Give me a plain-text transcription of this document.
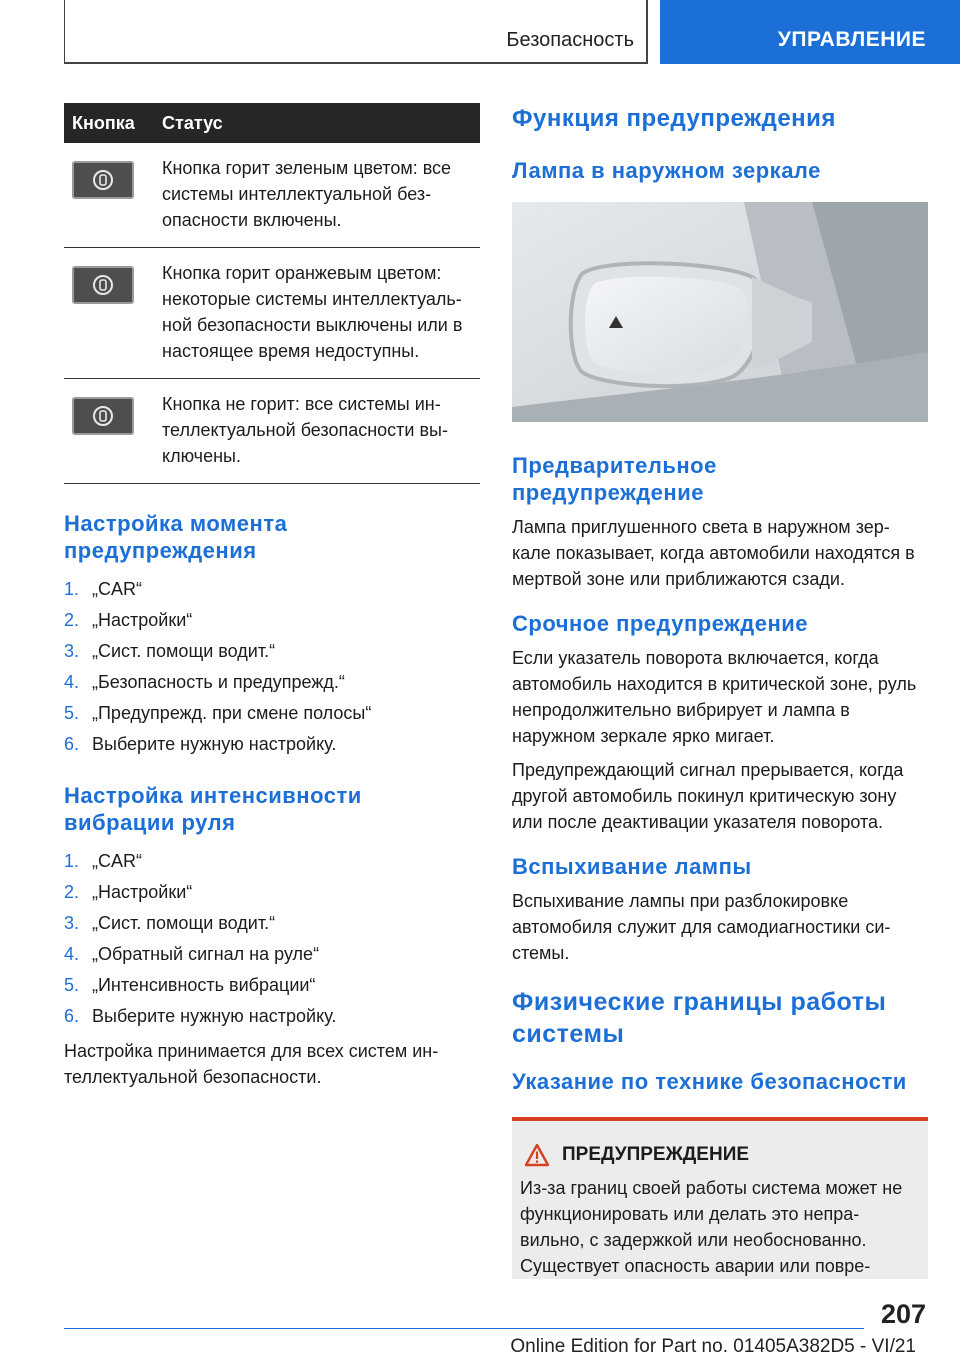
Безопасность	УПРАВЛЕНИЕ
Кнопка	Статус

	Кнопка горит зеленым цветом: все системы интеллектуальной без-опасности включены.

	Кнопка горит оранжевым цветом: некоторые системы интеллектуаль-ной безопасности выключены или в настоящее время недоступны.

	Кнопка не горит: все системы ин-теллектуальной безопасности вы-ключены.
Настройка момента предупреждения
1. „CAR“
2. „Настройки“
3. „Сист. помощи водит.“
4. „Безопасность и предупрежд.“
5. „Предупрежд. при смене полосы“
6. Выберите нужную настройку.
Настройка интенсивности вибрации руля
1. „CAR“
2. „Настройки“
3. „Сист. помощи водит.“
4. „Обратный сигнал на руле“
5. „Интенсивность вибрации“
6. Выберите нужную настройку.

Настройка принимается для всех систем ин-теллектуальной безопасности.

Функция предупреждения
Лампа в наружном зеркале
Предварительное предупреждение

Лампа приглушенного света в наружном зер-кале показывает, когда автомобили находятся в мертвой зоне или приближаются сзади.

Срочное предупреждение

Если указатель поворота включается, когда автомобиль находится в критической зоне, руль непродолжительно вибрирует и лампа в наружном зеркале ярко мигает.

Предупреждающий сигнал прерывается, когда другой автомобиль покинул критическую зону или после деактивации указателя поворота.

Вспыхивание лампы

Вспыхивание лампы при разблокировке автомобиля служит для самодиагностики си-стемы.

Физические границы работы системы
Указание по технике безопасности
ПРЕДУПРЕЖДЕНИЕ

Из-за границ своей работы система может не функционировать или делать это непра-вильно, с задержкой или необоснованно. Существует опасность аварии или повре-

207
Online Edition for Part no. 01405A382D5 - VI/21
